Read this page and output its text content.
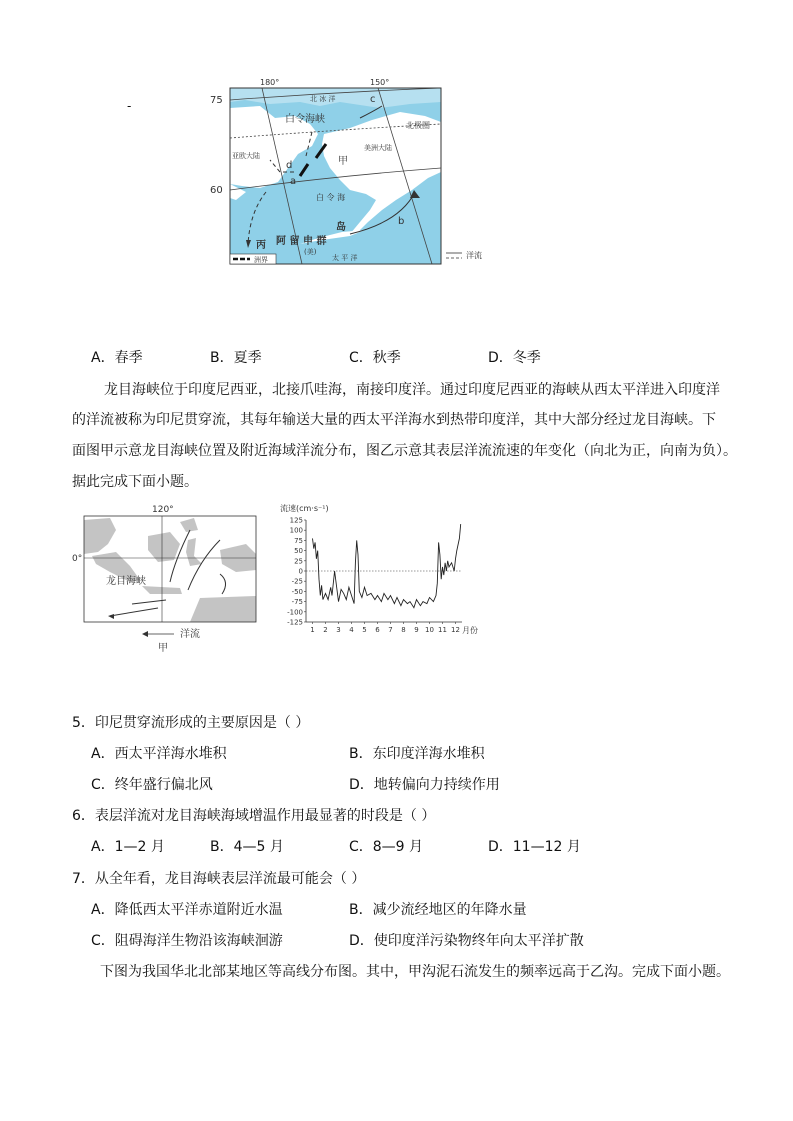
洲界
180°	150°
75
60
北 冰 洋	c
白令海峡
北极圈
亚欧大陆
美洲大陆
甲
d
a
白 令 海
b
岛
阿 留 申 群
(美)
太 平 洋
丙
洋流
-
A．春季	B．夏季	C．秋季	D．冬季
龙目海峡位于印度尼西亚，北接爪哇海，南接印度洋。通过印度尼西亚的海峡从西太平洋进入印度洋
的洋流被称为印尼贯穿流，其每年输送大量的西太平洋海水到热带印度洋，其中大部分经过龙目海峡。下
面图甲示意龙目海峡位置及附近海域洋流分布，图乙示意其表层洋流流速的年变化（向北为正，向南为负）。
据此完成下面小题。
120°
0°
龙目海峡
洋流
甲
流速(cm·s⁻¹)
月份
125
100
75
50
25
0
-25
-50
-75
-100
-125
1 2 3 4 5 6 7 8 9 10 11 12
5．印尼贯穿流形成的主要原因是（ ）
A．西太平洋海水堆积	B．东印度洋海水堆积
C．终年盛行偏北风	D．地转偏向力持续作用
6．表层洋流对龙目海峡海域增温作用最显著的时段是（ ）
A．1—2 月	B．4—5 月	C．8—9 月	D．11—12 月
7．从全年看，龙目海峡表层洋流最可能会（ ）
A．降低西太平洋赤道附近水温	B．减少流经地区的年降水量
C．阻碍海洋生物沿该海峡洄游	D．使印度洋污染物终年向太平洋扩散
下图为我国华北北部某地区等高线分布图。其中，甲沟泥石流发生的频率远高于乙沟。完成下面小题。
